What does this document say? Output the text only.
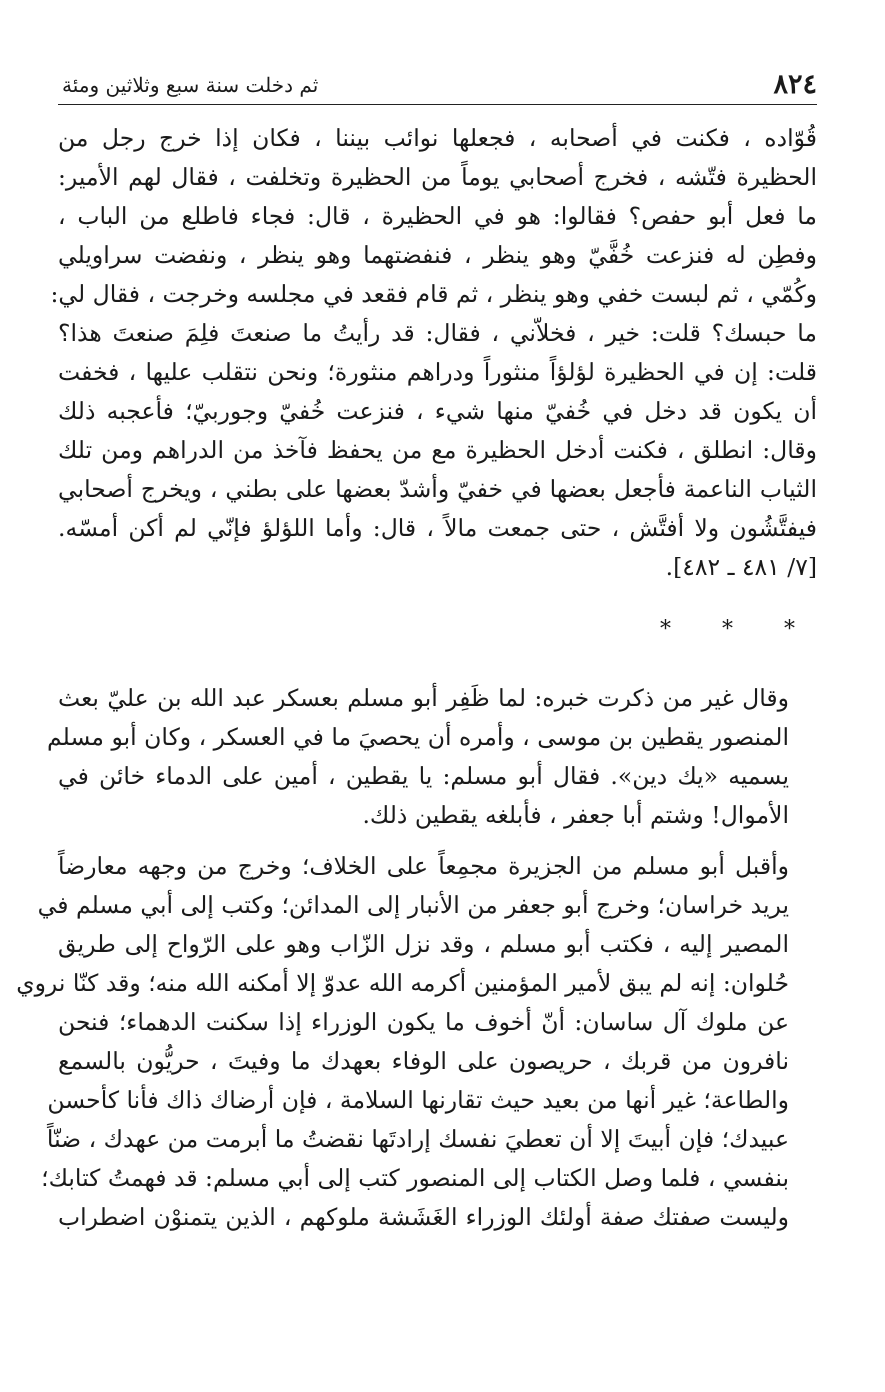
٨٢٤
ثم دخلت سنة سبع وثلاثين ومئة

قُوّاده ، فكنت في أصحابه ، فجعلها نوائب بيننا ، فكان إذا خرج رجل من
الحظيرة فتّشه ، فخرج أصحابي يوماً من الحظيرة وتخلفت ، فقال لهم الأمير:
ما فعل أبو حفص؟ فقالوا: هو في الحظيرة ، قال: فجاء فاطلع من الباب ،
وفطِن له فنزعت خُفَّيّ وهو ينظر ، فنفضتهما وهو ينظر ، ونفضت سراويلي
وكُمّي ، ثم لبست خفي وهو ينظر ، ثم قام فقعد في مجلسه وخرجت ، فقال لي:
ما حبسك؟ قلت: خير ، فخلاّني ، فقال: قد رأيتُ ما صنعتَ فلِمَ صنعتَ هذا؟
قلت: إن في الحظيرة لؤلؤاً منثوراً ودراهم منثورة؛ ونحن نتقلب عليها ، فخفت
أن يكون قد دخل في خُفيّ منها شيء ، فنزعت خُفيّ وجوربيّ؛ فأعجبه ذلك
وقال: انطلق ، فكنت أدخل الحظيرة مع من يحفظ فآخذ من الدراهم ومن تلك
الثياب الناعمة فأجعل بعضها في خفيّ وأشدّ بعضها على بطني ، ويخرج أصحابي
فيفتَّشُون ولا أفتَّش ، حتى جمعت مالاً ، قال: وأما اللؤلؤ فإنّي لم أكن أمسّه.
[٧/ ٤٨١ ـ ٤٨٢].

* * *

وقال غير من ذكرت خبره: لما ظَفِر أبو مسلم بعسكر عبد الله بن عليّ بعث
المنصور يقطين بن موسى ، وأمره أن يحصيَ ما في العسكر ، وكان أبو مسلم
يسميه «يك دين». فقال أبو مسلم: يا يقطين ، أمين على الدماء خائن في
الأموال! وشتم أبا جعفر ، فأبلغه يقطين ذلك.

وأقبل أبو مسلم من الجزيرة مجمِعاً على الخلاف؛ وخرج من وجهه معارضاً
يريد خراسان؛ وخرج أبو جعفر من الأنبار إلى المدائن؛ وكتب إلى أبي مسلم في
المصير إليه ، فكتب أبو مسلم ، وقد نزل الزّاب وهو على الرّواح إلى طريق
حُلوان: إنه لم يبق لأمير المؤمنين أكرمه الله عدوّ إلا أمكنه الله منه؛ وقد كنّا نروي
عن ملوك آل ساسان: أنّ أخوف ما يكون الوزراء إذا سكنت الدهماء؛ فنحن
نافرون من قربك ، حريصون على الوفاء بعهدك ما وفيتَ ، حريُّون بالسمع
والطاعة؛ غير أنها من بعيد حيث تقارنها السلامة ، فإن أرضاك ذاك فأنا كأحسن
عبيدك؛ فإن أبيتَ إلا أن تعطيَ نفسك إرادتَها نقضتُ ما أبرمت من عهدك ، ضنّاً
بنفسي ، فلما وصل الكتاب إلى المنصور كتب إلى أبي مسلم: قد فهمتُ كتابك؛
وليست صفتك صفة أولئك الوزراء الغَشَشة ملوكهم ، الذين يتمنوْن اضطراب
